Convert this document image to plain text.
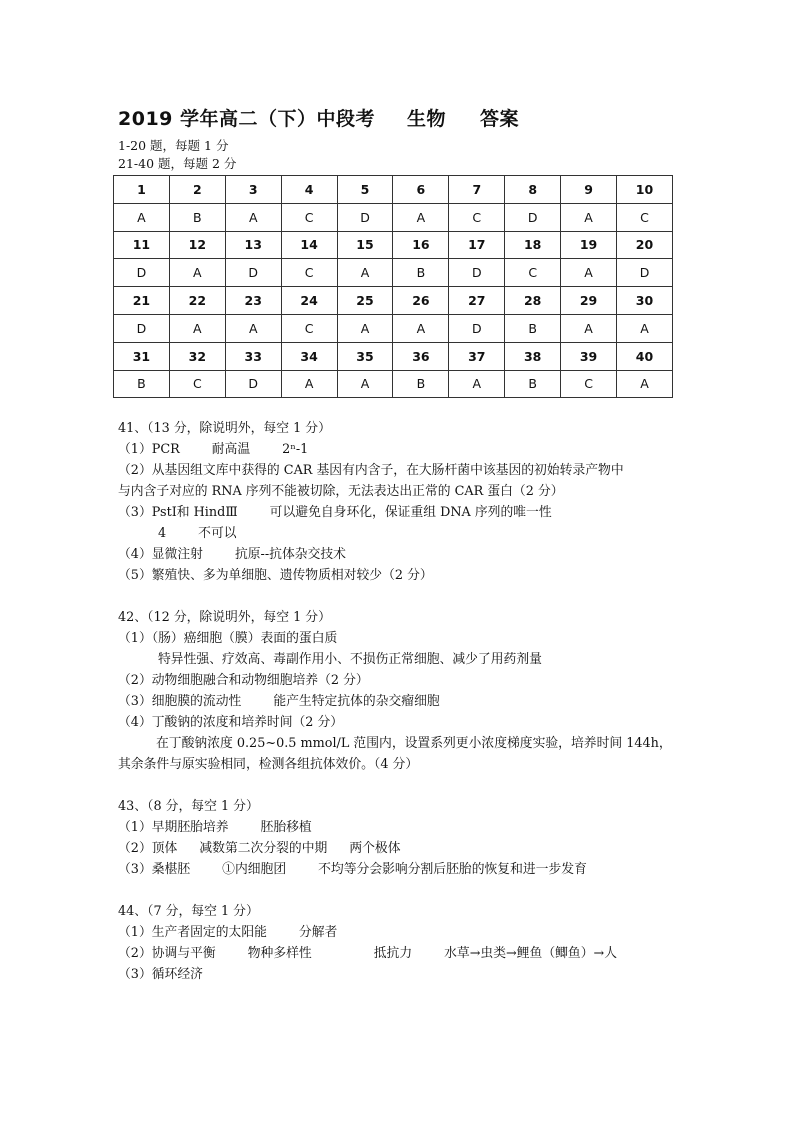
2019 学年高二（下）中段考 生物 答案
1-20 题，每题 1 分
21-40 题，每题 2 分
1	2	3	4	5	6	7	8	9	10
A	B	A	C	D	A	C	D	A	C
11	12	13	14	15	16	17	18	19	20
D	A	D	C	A	B	D	C	A	D
21	22	23	24	25	26	27	28	29	30
D	A	A	C	A	A	D	B	A	A
31	32	33	34	35	36	37	38	39	40
B	C	D	A	A	B	A	B	C	A
41、（13 分，除说明外，每空 1 分）
（1）PCR	耐高温	2ⁿ-1
（2）从基因组文库中获得的 CAR 基因有内含子，在大肠杆菌中该基因的初始转录产物中
与内含子对应的 RNA 序列不能被切除，无法表达出正常的 CAR 蛋白（2 分）
（3）PstⅠ和 HindⅢ	可以避免自身环化，保证重组 DNA 序列的唯一性
4	不可以
（4）显微注射	抗原--抗体杂交技术
（5）繁殖快、多为单细胞、遗传物质相对较少（2 分）
42、（12 分，除说明外，每空 1 分）
（1）（肠）癌细胞（膜）表面的蛋白质
特异性强、疗效高、毒副作用小、不损伤正常细胞、减少了用药剂量
（2）动物细胞融合和动物细胞培养（2 分）
（3）细胞膜的流动性	能产生特定抗体的杂交瘤细胞
（4）丁酸钠的浓度和培养时间（2 分）
在丁酸钠浓度 0.25~0.5 mmol/L 范围内，设置系列更小浓度梯度实验，培养时间 144h，
其余条件与原实验相同，检测各组抗体效价。（4 分）
43、（8 分，每空 1 分）
（1）早期胚胎培养	胚胎移植
（2）顶体 减数第二次分裂的中期 两个极体
（3）桑椹胚	①内细胞团	不均等分会影响分割后胚胎的恢复和进一步发育
44、（7 分，每空 1 分）
（1）生产者固定的太阳能	分解者
（2）协调与平衡	物种多样性	抵抗力	水草→虫类→鲤鱼（鲫鱼）→人
（3）循环经济
